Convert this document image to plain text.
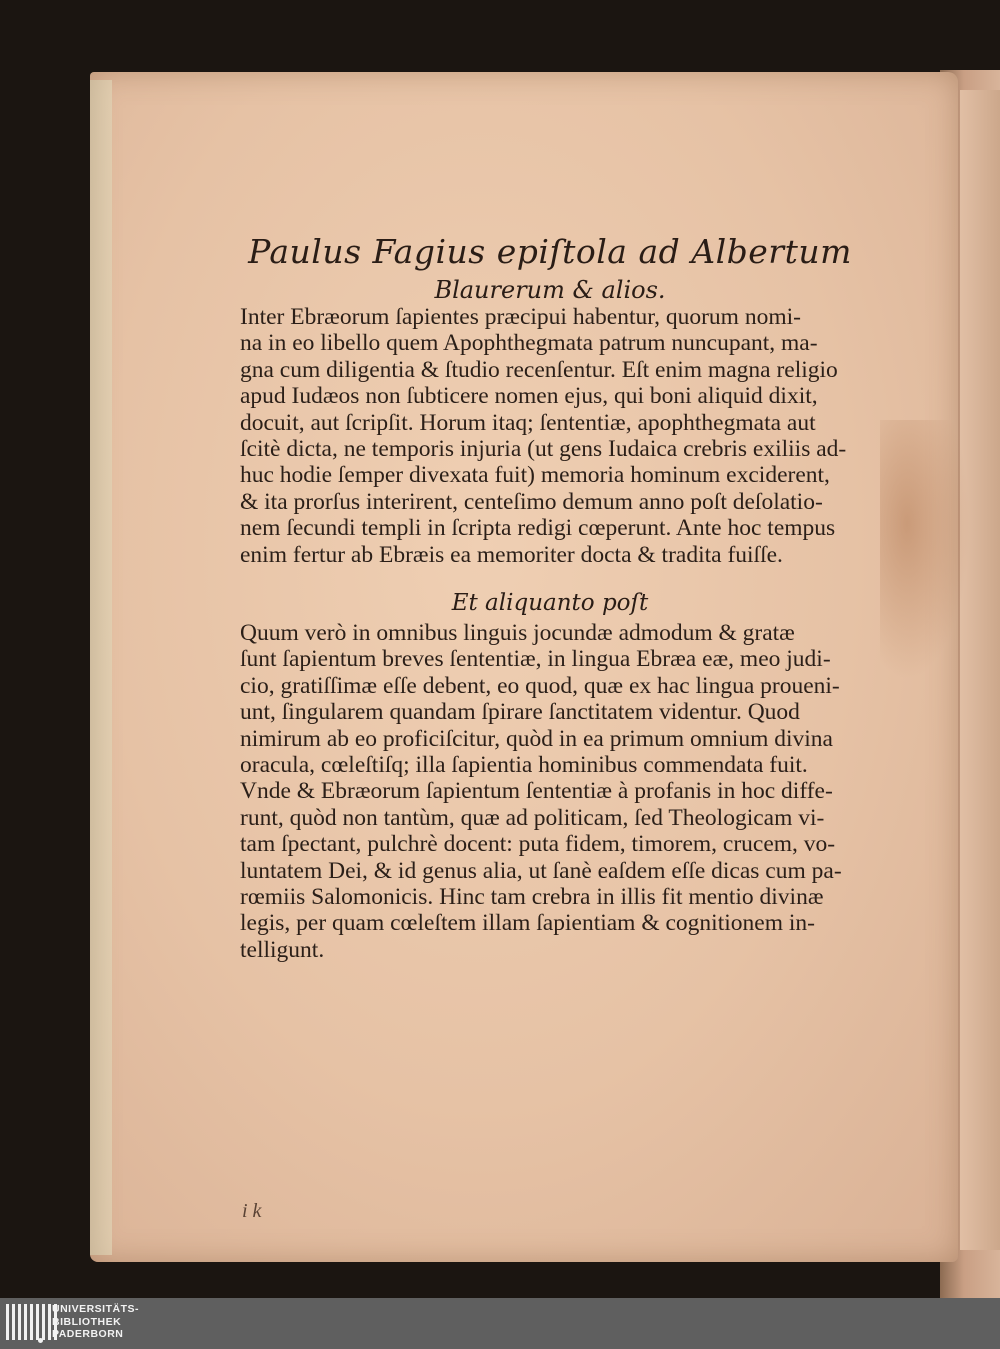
Paulus Fagius epiſtola ad Albertum
Blaurerum & alios.
Inter Ebræorum ſapientes præcipui habentur, quorum nomi-
na in eo libello quem Apophthegmata patrum nuncupant, ma-
gna cum diligentia & ſtudio recenſentur. Eſt enim magna religio
apud Iudæos non ſubticere nomen ejus, qui boni aliquid dixit,
docuit, aut ſcripſit. Horum itaq; ſententiæ, apophthegmata aut
ſcitè dicta, ne temporis injuria (ut gens Iudaica crebris exiliis ad-
huc hodie ſemper divexata fuit) memoria hominum exciderent,
& ita prorſus interirent, centeſimo demum anno poſt deſolatio-
nem ſecundi templi in ſcripta redigi cœperunt. Ante hoc tempus
enim fertur ab Ebræis ea memoriter docta & tradita fuiſſe.
Et aliquanto poſt
Quum verò in omnibus linguis jocundæ admodum & gratæ
ſunt ſapientum breves ſententiæ, in lingua Ebræa eæ, meo judi-
cio, gratiſſimæ eſſe debent, eo quod, quæ ex hac lingua proueni-
unt, ſingularem quandam ſpirare ſanctitatem videntur. Quod
nimirum ab eo proficiſcitur, quòd in ea primum omnium divina
oracula, cœleſtiſq; illa ſapientia hominibus commendata fuit.
Vnde & Ebræorum ſapientum ſententiæ à profanis in hoc diffe-
runt, quòd non tantùm, quæ ad politicam, ſed Theologicam vi-
tam ſpectant, pulchrè docent: puta fidem, timorem, crucem, vo-
luntatem Dei, & id genus alia, ut ſanè eaſdem eſſe dicas cum pa-
rœmiis Salomonicis. Hinc tam crebra in illis fit mentio divinæ
legis, per quam cœleſtem illam ſapientiam & cognitionem in-
telligunt.
i k
UNIVERSITÄTS-
BIBLIOTHEK
PADERBORN
